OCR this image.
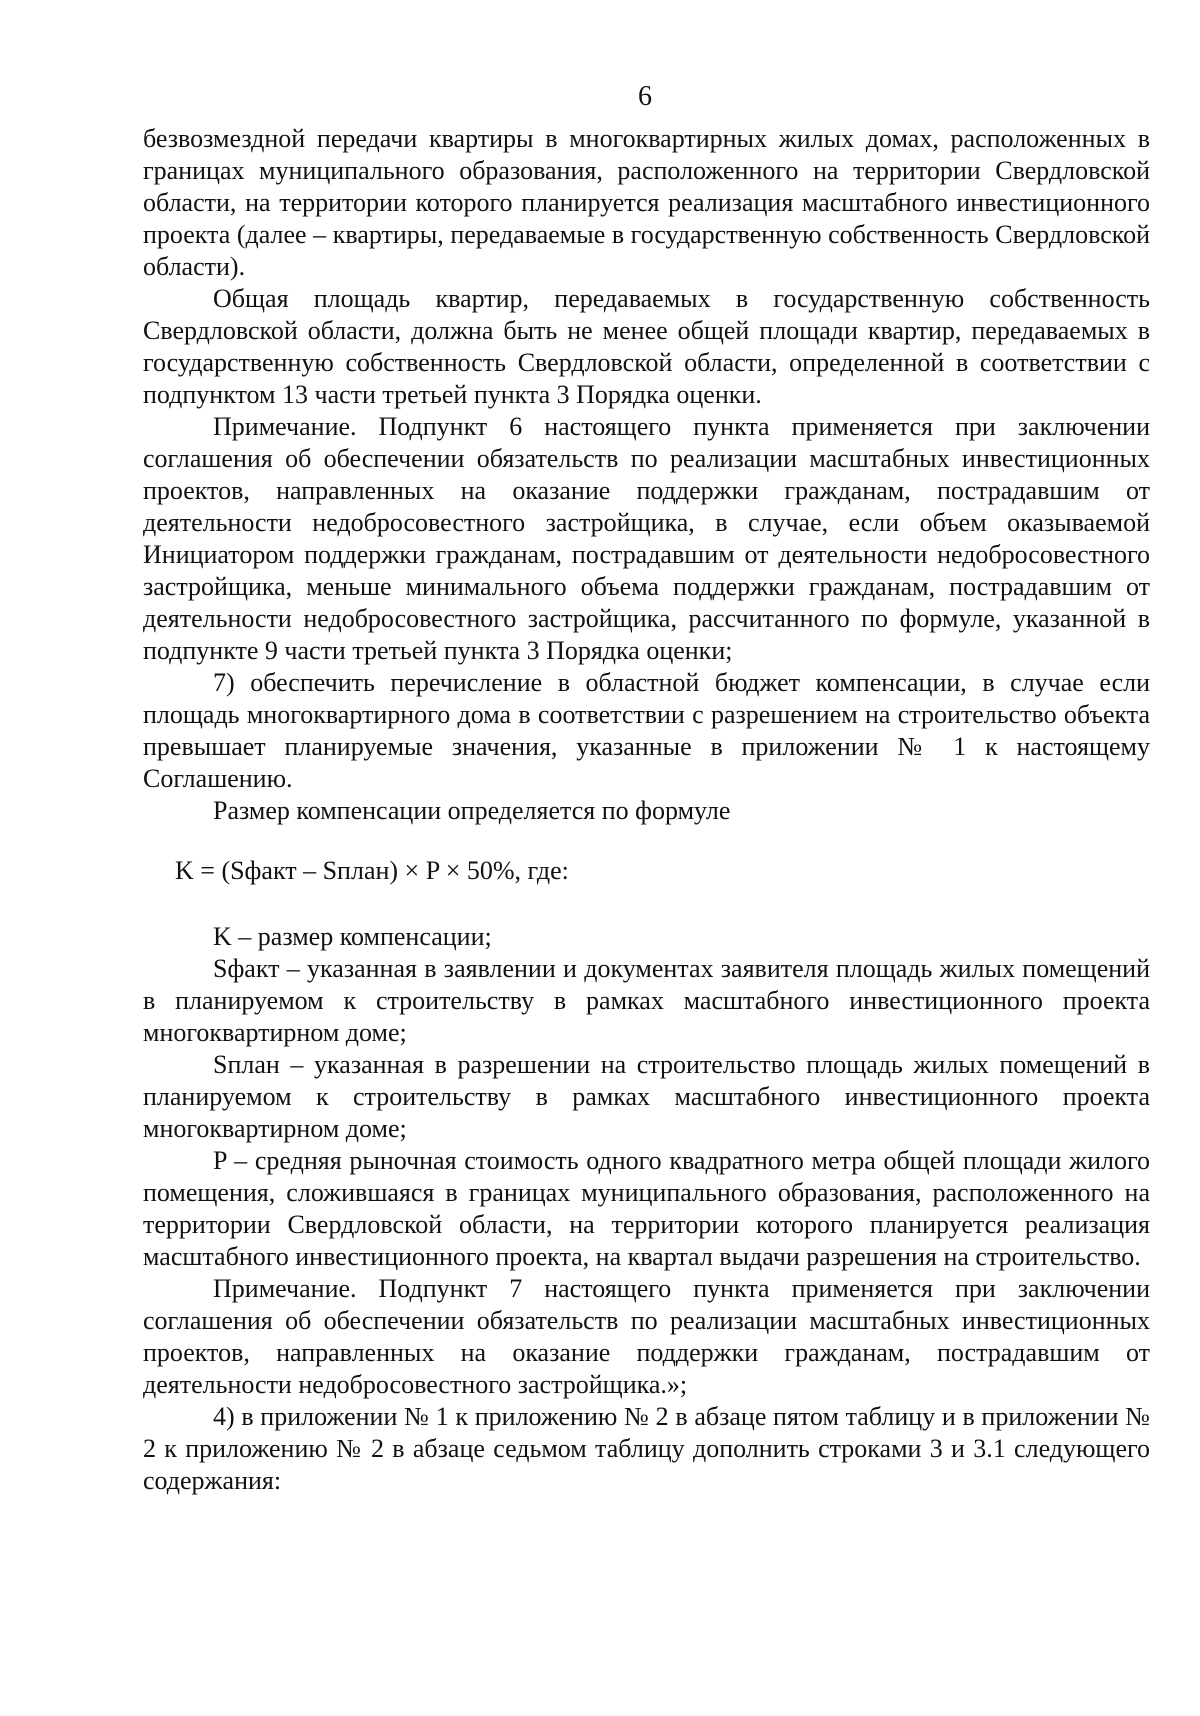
6

безвозмездной передачи квартиры в многоквартирных жилых домах, расположенных в границах муниципального образования, расположенного на территории Свердловской области, на территории которого планируется реализация масштабного инвестиционного проекта (далее – квартиры, передаваемые в государственную собственность Свердловской области).

Общая площадь квартир, передаваемых в государственную собственность Свердловской области, должна быть не менее общей площади квартир, передаваемых в государственную собственность Свердловской области, определенной в соответствии с подпунктом 13 части третьей пункта 3 Порядка оценки.

Примечание. Подпункт 6 настоящего пункта применяется при заключении соглашения об обеспечении обязательств по реализации масштабных инвестиционных проектов, направленных на оказание поддержки гражданам, пострадавшим от деятельности недобросовестного застройщика, в случае, если объем оказываемой Инициатором поддержки гражданам, пострадавшим от деятельности недобросовестного застройщика, меньше минимального объема поддержки гражданам, пострадавшим от деятельности недобросовестного застройщика, рассчитанного по формуле, указанной в подпункте 9 части третьей пункта 3 Порядка оценки;

7) обеспечить перечисление в областной бюджет компенсации, в случае если площадь многоквартирного дома в соответствии с разрешением на строительство объекта превышает планируемые значения, указанные в приложении № 1 к настоящему Соглашению.

Размер компенсации определяется по формуле

K = (Sфакт – Sплан) × P × 50%, где:

K – размер компенсации;

Sфакт – указанная в заявлении и документах заявителя площадь жилых помещений в планируемом к строительству в рамках масштабного инвестиционного проекта многоквартирном доме;

Sплан – указанная в разрешении на строительство площадь жилых помещений в планируемом к строительству в рамках масштабного инвестиционного проекта многоквартирном доме;

P – средняя рыночная стоимость одного квадратного метра общей площади жилого помещения, сложившаяся в границах муниципального образования, расположенного на территории Свердловской области, на территории которого планируется реализация масштабного инвестиционного проекта, на квартал выдачи разрешения на строительство.

Примечание. Подпункт 7 настоящего пункта применяется при заключении соглашения об обеспечении обязательств по реализации масштабных инвестиционных проектов, направленных на оказание поддержки гражданам, пострадавшим от деятельности недобросовестного застройщика.»;

4) в приложении № 1 к приложению № 2 в абзаце пятом таблицу и в приложении № 2 к приложению № 2 в абзаце седьмом таблицу дополнить строками 3 и 3.1 следующего содержания:
